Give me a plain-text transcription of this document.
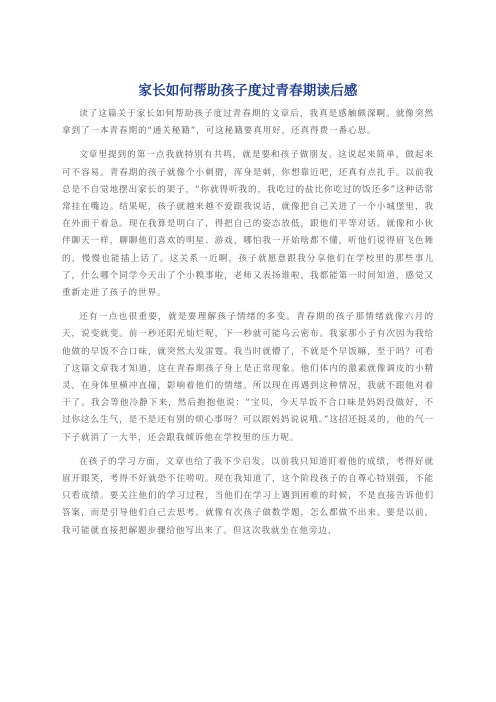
家长如何帮助孩子度过青春期读后感

读了这篇关于家长如何帮助孩子度过青春期的文章后，我真是感触颇深啊。就像突然拿到了一本青春期的“通关秘籍”，可这秘籍要真用好，还真得费一番心思。

文章里提到的第一点我就特别有共鸣，就是要和孩子做朋友。这说起来简单，做起来可不容易。青春期的孩子就像个小刺猬，浑身是刺，你想靠近吧，还真有点扎手。以前我总是不自觉地摆出家长的架子，“你就得听我的，我吃过的盐比你吃过的饭还多”这种话常常挂在嘴边。结果呢，孩子就越来越不爱跟我说话，就像把自己关进了一个小城堡里，我在外面干着急。现在我算是明白了，得把自己的姿态放低，跟他们平等对话。就像和小伙伴聊天一样，聊聊他们喜欢的明星、游戏，哪怕我一开始啥都不懂，听他们说得眉飞色舞的，慢慢也能插上话了。这关系一近啊，孩子就愿意跟我分享他们在学校里的那些事儿了，什么哪个同学今天出了个小糗事啦，老师又表扬谁啦，我都能第一时间知道，感觉又重新走进了孩子的世界。

还有一点也很重要，就是要理解孩子情绪的多变。青春期的孩子那情绪就像六月的天，说变就变。前一秒还阳光灿烂呢，下一秒就可能乌云密布。我家那小子有次因为我给他做的早饭不合口味，就突然大发雷霆。我当时就懵了，不就是个早饭嘛，至于吗？可看了这篇文章我才知道，这在青春期孩子身上是正常现象。他们体内的激素就像调皮的小精灵，在身体里横冲直撞，影响着他们的情绪。所以现在再遇到这种情况，我就不跟他对着干了。我会等他冷静下来，然后抱抱他说：“宝贝，今天早饭不合口味是妈妈没做好，不过你这么生气，是不是还有别的烦心事呀？可以跟妈妈说说哦。”这招还挺灵的，他的气一下子就消了一大半，还会跟我倾诉他在学校里的压力呢。

在孩子的学习方面，文章也给了我不少启发。以前我只知道盯着他的成绩，考得好就眉开眼笑，考得不好就恐不住唠叨。现在我知道了，这个阶段孩子的自尊心特别强，不能只看成绩。要关注他们的学习过程，当他们在学习上遇到困难的时候，不是直接告诉他们答案，而是引导他们自己去思考。就像有次孩子做数学题，怎么都做不出来。要是以前，我可能就直接把解题步骤给他写出来了。但这次我就坐在他旁边，
